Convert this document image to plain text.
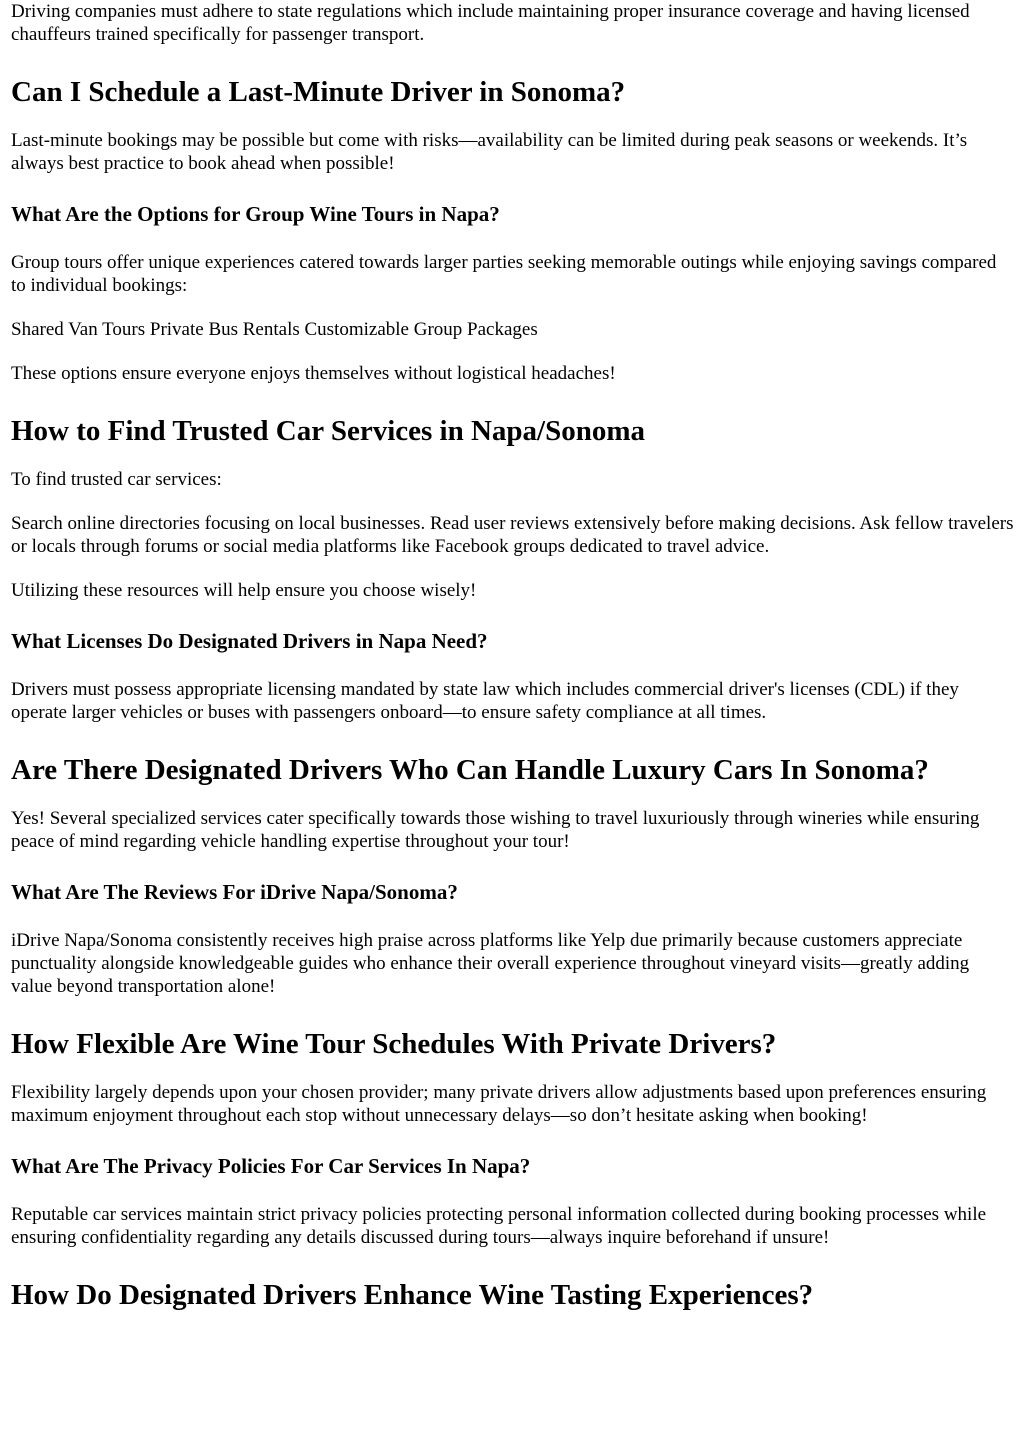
Driving companies must adhere to state regulations which include maintaining proper insurance coverage and having licensed chauffeurs trained specifically for passenger transport.

Can I Schedule a Last-Minute Driver in Sonoma?

Last-minute bookings may be possible but come with risks—availability can be limited during peak seasons or weekends. It’s always best practice to book ahead when possible!

What Are the Options for Group Wine Tours in Napa?

Group tours offer unique experiences catered towards larger parties seeking memorable outings while enjoying savings compared to individual bookings:

Shared Van Tours Private Bus Rentals Customizable Group Packages

These options ensure everyone enjoys themselves without logistical headaches!

How to Find Trusted Car Services in Napa/Sonoma

To find trusted car services:

Search online directories focusing on local businesses. Read user reviews extensively before making decisions. Ask fellow travelers or locals through forums or social media platforms like Facebook groups dedicated to travel advice.

Utilizing these resources will help ensure you choose wisely!

What Licenses Do Designated Drivers in Napa Need?

Drivers must possess appropriate licensing mandated by state law which includes commercial driver's licenses (CDL) if they operate larger vehicles or buses with passengers onboard—to ensure safety compliance at all times.

Are There Designated Drivers Who Can Handle Luxury Cars In Sonoma?

Yes! Several specialized services cater specifically towards those wishing to travel luxuriously through wineries while ensuring peace of mind regarding vehicle handling expertise throughout your tour!

What Are The Reviews For iDrive Napa/Sonoma?

iDrive Napa/Sonoma consistently receives high praise across platforms like Yelp due primarily because customers appreciate punctuality alongside knowledgeable guides who enhance their overall experience throughout vineyard visits—greatly adding value beyond transportation alone!

How Flexible Are Wine Tour Schedules With Private Drivers?

Flexibility largely depends upon your chosen provider; many private drivers allow adjustments based upon preferences ensuring maximum enjoyment throughout each stop without unnecessary delays—so don’t hesitate asking when booking!

What Are The Privacy Policies For Car Services In Napa?

Reputable car services maintain strict privacy policies protecting personal information collected during booking processes while ensuring confidentiality regarding any details discussed during tours—always inquire beforehand if unsure!

How Do Designated Drivers Enhance Wine Tasting Experiences?
